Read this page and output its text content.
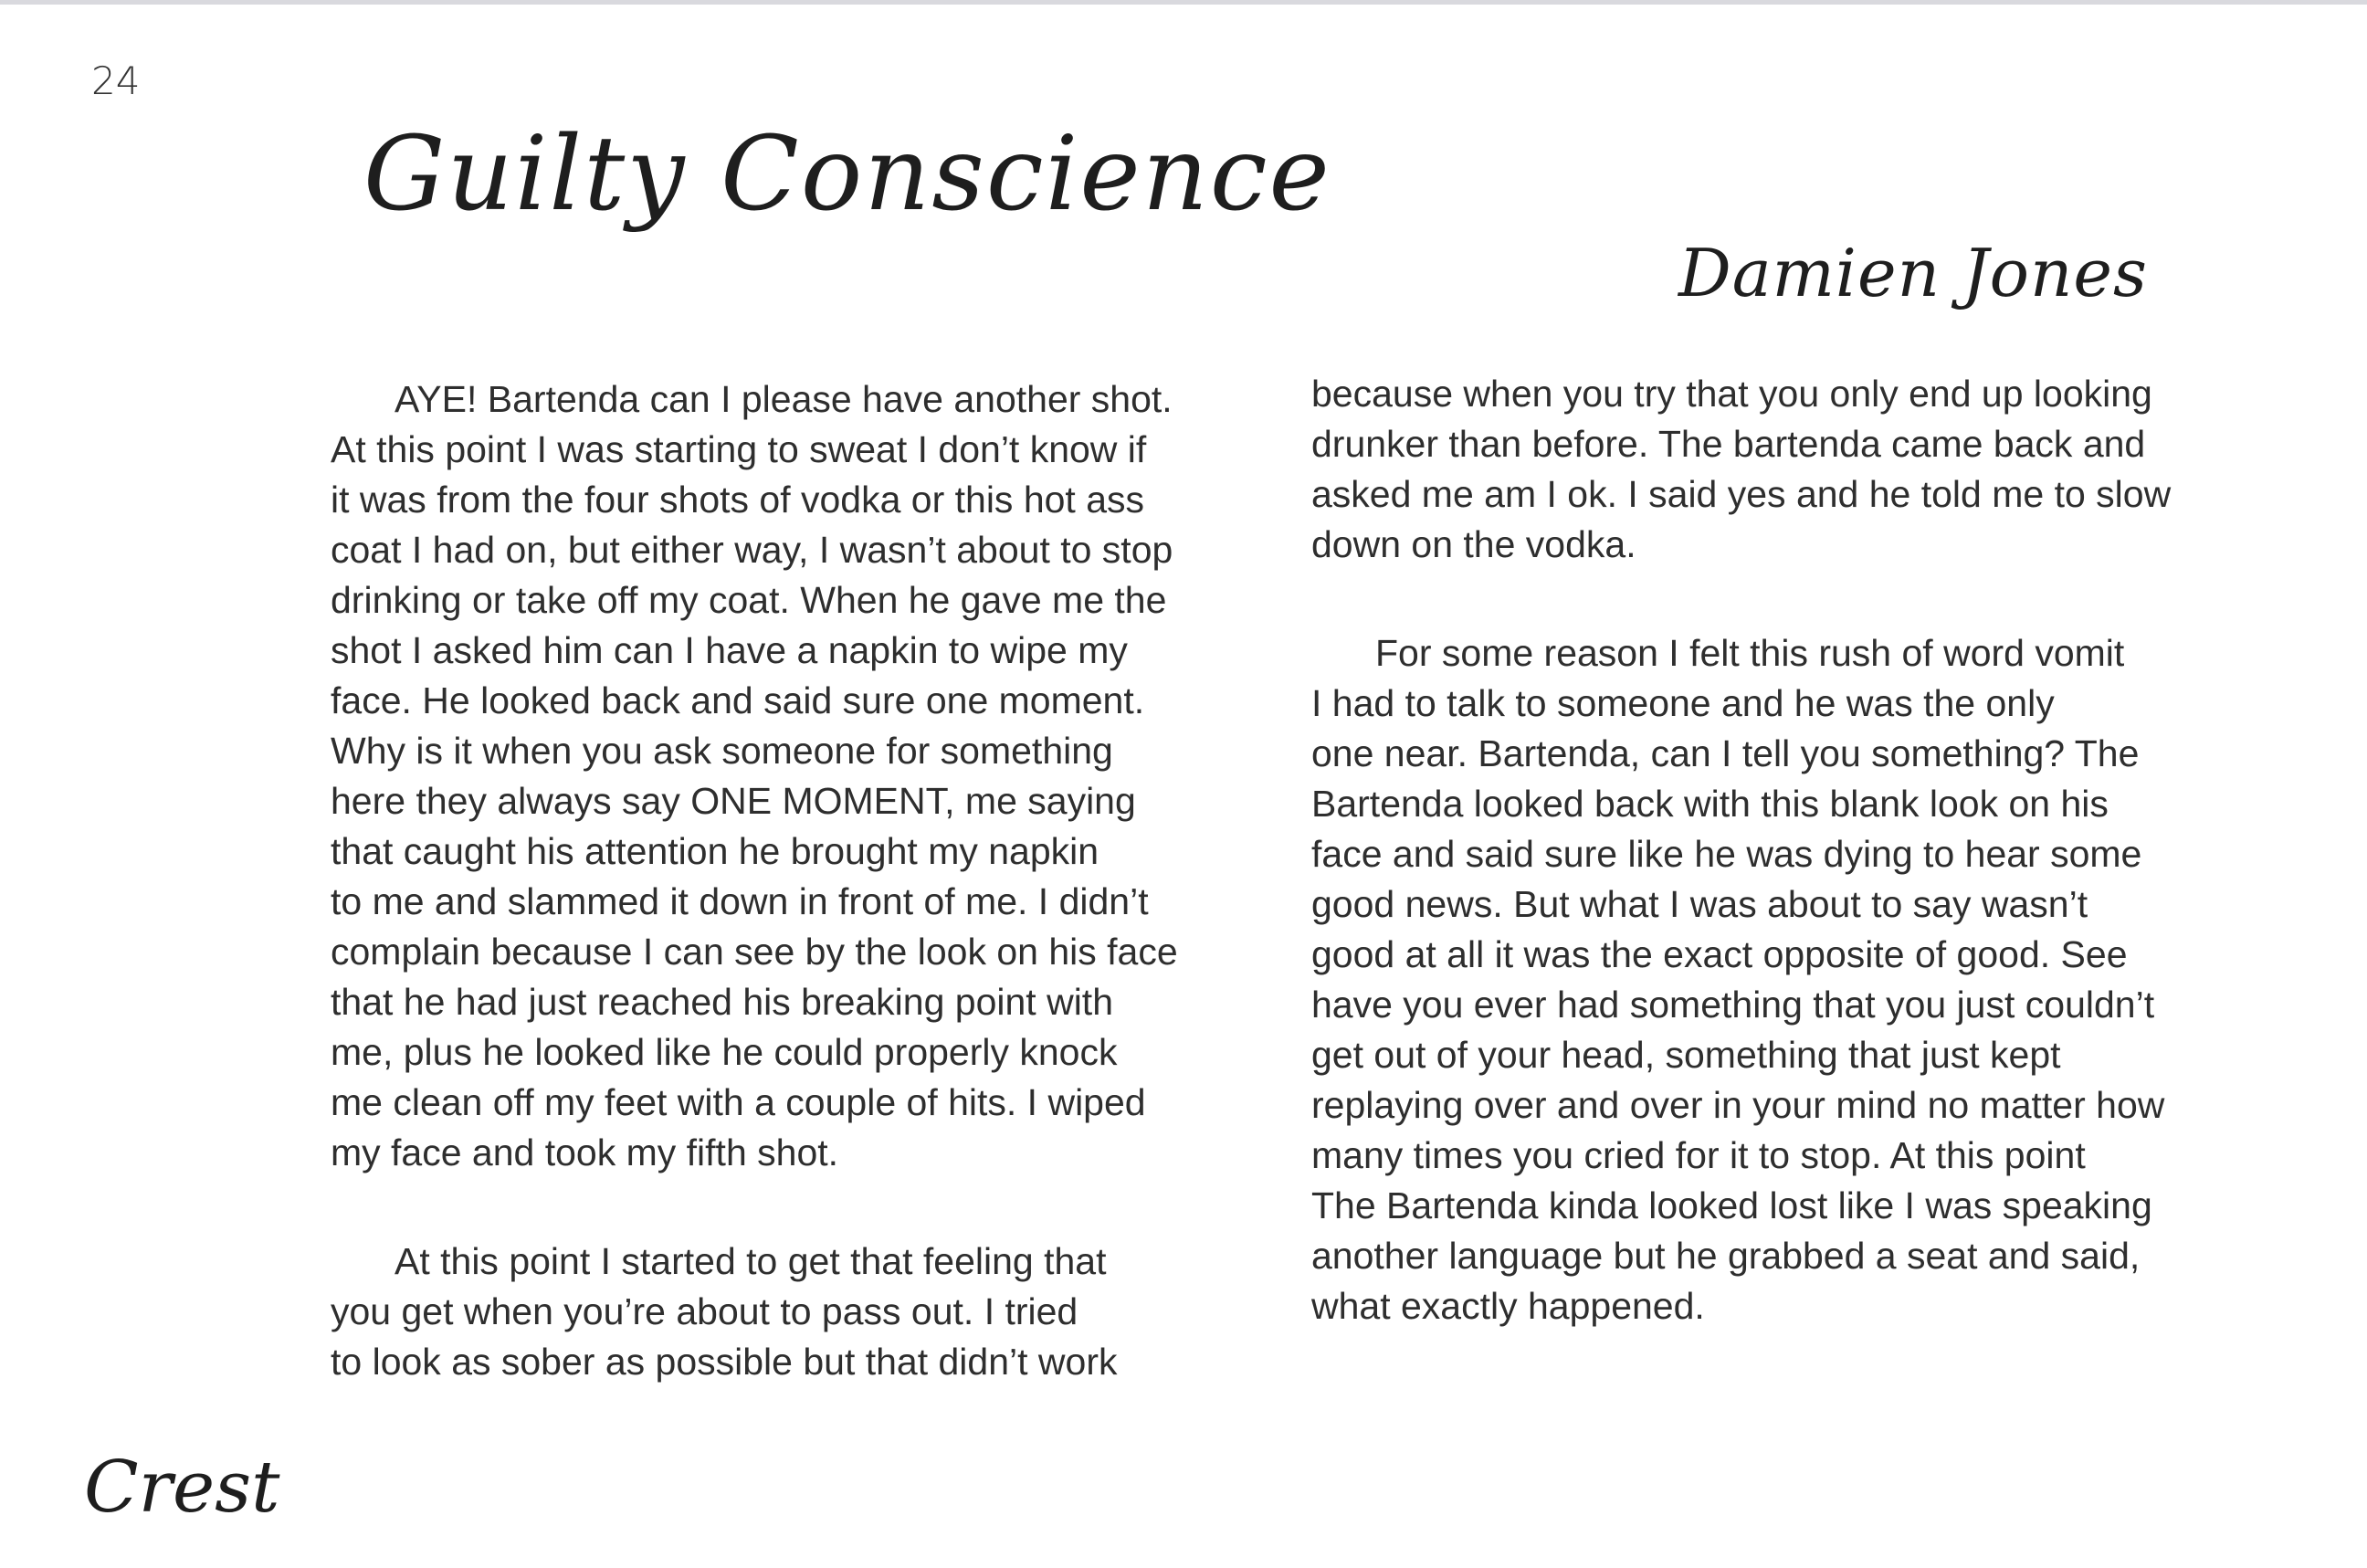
24
Guilty Conscience
Damien Jones
AYE! Bartenda can I please have another shot.
At this point I was starting to sweat I don’t know if
it was from the four shots of vodka or this hot ass
coat I had on, but either way, I wasn’t about to stop
drinking or take off my coat. When he gave me the
shot I asked him can I have a napkin to wipe my
face. He looked back and said sure one moment.
Why is it when you ask someone for something
here they always say ONE MOMENT, me saying
that caught his attention he brought my napkin
to me and slammed it down in front of me. I didn’t
complain because I can see by the look on his face
that he had just reached his breaking point with
me, plus he looked like he could properly knock
me clean off my feet with a couple of hits. I wiped
my face and took my fifth shot.
At this point I started to get that feeling that
you get when you’re about to pass out. I tried
to look as sober as possible but that didn’t work
because when you try that you only end up looking
drunker than before. The bartenda came back and
asked me am I ok. I said yes and he told me to slow
down on the vodka.
For some reason I felt this rush of word vomit
I had to talk to someone and he was the only
one near. Bartenda, can I tell you something? The
Bartenda looked back with this blank look on his
face and said sure like he was dying to hear some
good news. But what I was about to say wasn’t
good at all it was the exact opposite of good. See
have you ever had something that you just couldn’t
get out of your head, something that just kept
replaying over and over in your mind no matter how
many times you cried for it to stop. At this point
The Bartenda kinda looked lost like I was speaking
another language but he grabbed a seat and said,
what exactly happened.
Crest
